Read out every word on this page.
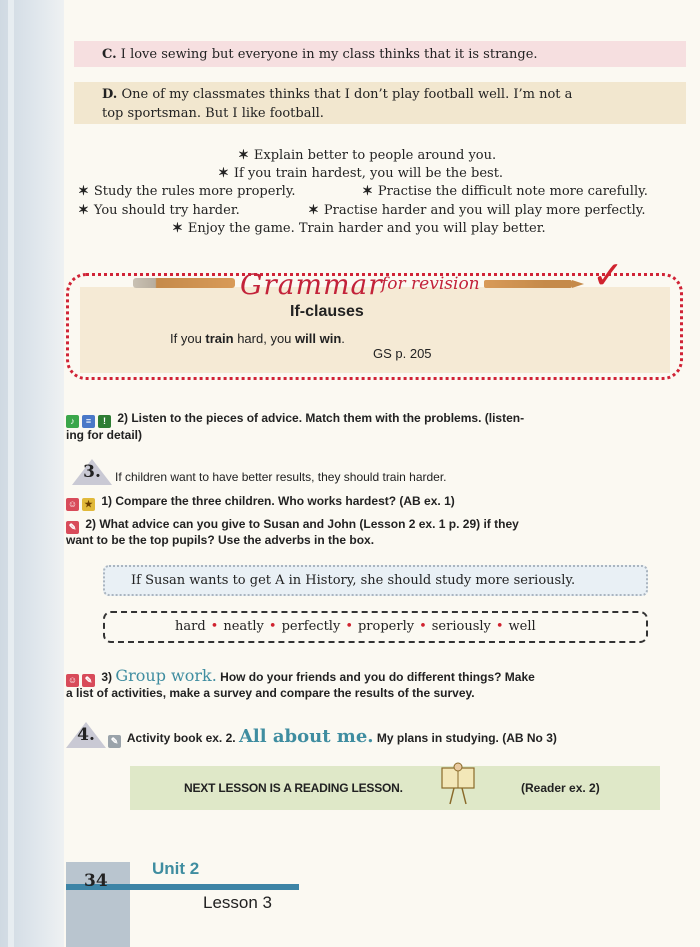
C. I love sewing but everyone in my class thinks that it is strange.
D. One of my classmates thinks that I don’t play football well. I’m not a
top sportsman. But I like football.
✶ Explain better to people around you.
✶ If you train hardest, you will be the best.
✶ Study the rules more properly.	✶ Practise the difficult note more carefully.
✶ You should try harder.	✶ Practise harder and you will play more perfectly.
✶ Enjoy the game. Train harder and you will play better.
✓
Grammar
for revision
If-clauses
If you train hard, you will win.
GS p. 205
♪ ≡ ! 2) Listen to the pieces of advice. Match them with the problems. (listen-
ing for detail)
3. If children want to have better results, they should train harder.
☺ ★ 1) Compare the three children. Who works hardest? (AB ex. 1)
✎ 2) What advice can you give to Susan and John (Lesson 2 ex. 1 p. 29) if they
want to be the top pupils? Use the adverbs in the box.
If Susan wants to get A in History, she should study more seriously.
hard • neatly • perfectly • properly • seriously • well
☺ ✎ 3) Group work. How do your friends and you do different things? Make
a list of activities, make a survey and compare the results of the survey.
4.	✎ Activity book ex. 2. All about me. My plans in studying. (AB No 3)
NEXT LESSON IS A READING LESSON.	(Reader ex. 2)
34
Unit 2
Lesson 3
